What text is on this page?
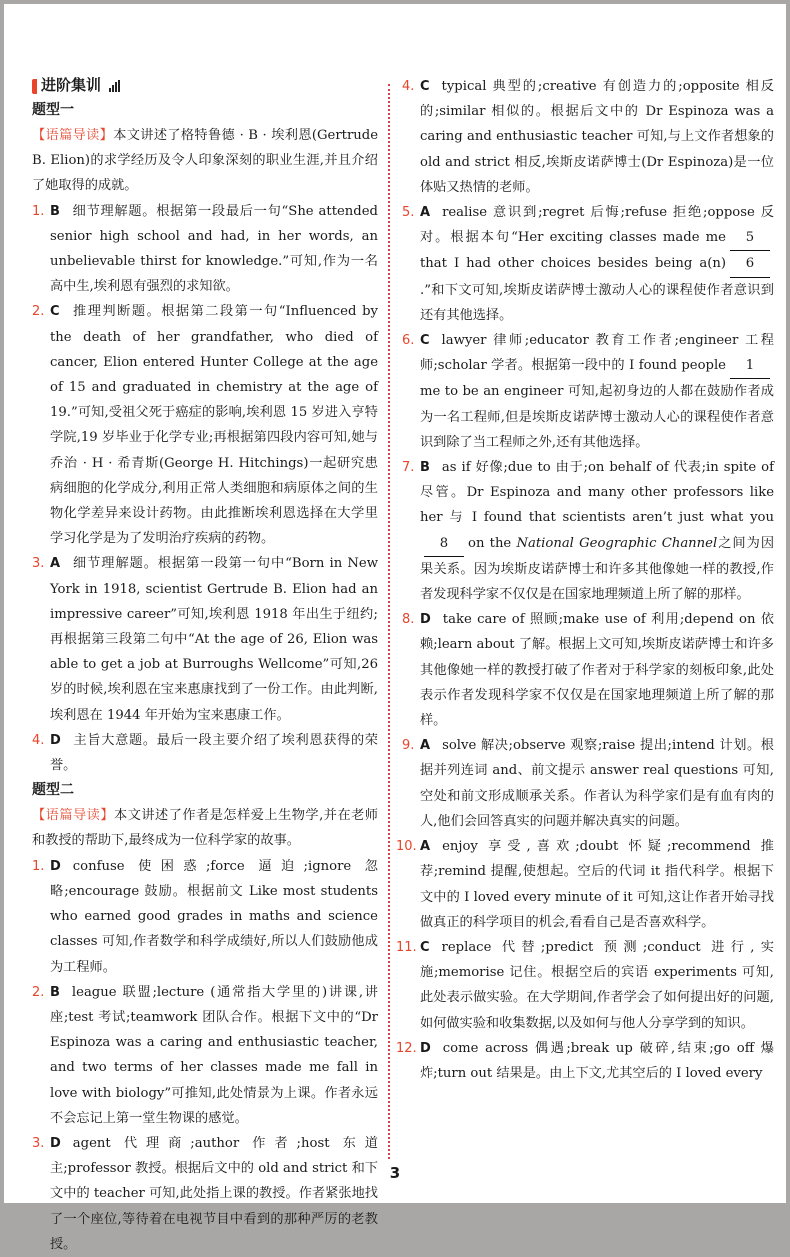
进阶集训
题型一
【语篇导读】本文讲述了格特鲁德 · B · 埃利恩(Gertrude B. Elion)的求学经历及令人印象深刻的职业生涯,并且介绍了她取得的成就。
1. B 细节理解题。根据第一段最后一句“She attended senior high school and had, in her words, an unbelievable thirst for knowledge.”可知,作为一名高中生,埃利恩有强烈的求知欲。
2. C 推理判断题。根据第二段第一句“Influenced by the death of her grandfather, who died of cancer, Elion entered Hunter College at the age of 15 and graduated in chemistry at the age of 19.”可知,受祖父死于癌症的影响,埃利恩 15 岁进入亨特学院,19 岁毕业于化学专业;再根据第四段内容可知,她与乔治 · H · 希青斯(George H. Hitchings)一起研究患病细胞的化学成分,利用正常人类细胞和病原体之间的生物化学差异来设计药物。由此推断埃利恩选择在大学里学习化学是为了发明治疗疾病的药物。
3. A 细节理解题。根据第一段第一句中“Born in New York in 1918, scientist Gertrude B. Elion had an impressive career”可知,埃利恩 1918 年出生于纽约;再根据第三段第二句中“At the age of 26, Elion was able to get a job at Burroughs Wellcome”可知,26 岁的时候,埃利恩在宝来惠康找到了一份工作。由此判断,埃利恩在 1944 年开始为宝来惠康工作。
4. D 主旨大意题。最后一段主要介绍了埃利恩获得的荣誉。
题型二
【语篇导读】本文讲述了作者是怎样爱上生物学,并在老师和教授的帮助下,最终成为一位科学家的故事。
1. D confuse 使困惑;force 逼迫;ignore 忽略;encourage 鼓励。根据前文 Like most students who earned good grades in maths and science classes 可知,作者数学和科学成绩好,所以人们鼓励他成为工程师。
2. B league 联盟;lecture (通常指大学里的)讲课,讲座;test 考试;teamwork 团队合作。根据下文中的“Dr Espinoza was a caring and enthusiastic teacher, and two terms of her classes made me fall in love with biology”可推知,此处情景为上课。作者永远不会忘记上第一堂生物课的感觉。
3. D agent 代理商;author 作者;host 东道主;professor 教授。根据后文中的 old and strict 和下文中的 teacher 可知,此处指上课的教授。作者紧张地找了一个座位,等待着在电视节目中看到的那种严厉的老教授。
4. C typical 典型的;creative 有创造力的;opposite 相反的;similar 相似的。根据后文中的 Dr Espinoza was a caring and enthusiastic teacher 可知,与上文作者想象的 old and strict 相反,埃斯皮诺萨博士(Dr Espinoza)是一位体贴又热情的老师。
5. A realise 意识到;regret 后悔;refuse 拒绝;oppose 反对。根据本句“Her exciting classes made me 5that I had other choices besides being a(n) 6.”和下文可知,埃斯皮诺萨博士激动人心的课程使作者意识到还有其他选择。
6. C lawyer 律师;educator 教育工作者;engineer 工程师;scholar 学者。根据第一段中的 I found people 1me to be an engineer 可知,起初身边的人都在鼓励作者成为一名工程师,但是埃斯皮诺萨博士激动人心的课程使作者意识到除了当工程师之外,还有其他选择。
7. B as if 好像;due to 由于;on behalf of 代表;in spite of 尽管。Dr Espinoza and many other professors like her 与 I found that scientists aren’t just what you8 on the National Geographic Channel之间为因果关系。因为埃斯皮诺萨博士和许多其他像她一样的教授,作者发现科学家不仅仅是在国家地理频道上所了解的那样。
8. D take care of 照顾;make use of 利用;depend on 依赖;learn about 了解。根据上文可知,埃斯皮诺萨博士和许多其他像她一样的教授打破了作者对于科学家的刻板印象,此处表示作者发现科学家不仅仅是在国家地理频道上所了解的那样。
9. A solve 解决;observe 观察;raise 提出;intend 计划。根据并列连词 and、前文提示 answer real questions 可知,空处和前文形成顺承关系。作者认为科学家们是有血有肉的人,他们会回答真实的问题并解决真实的问题。
10. A enjoy 享受,喜欢;doubt 怀疑;recommend 推荐;remind 提醒,使想起。空后的代词 it 指代科学。根据下文中的 I loved every minute of it 可知,这让作者开始寻找做真正的科学项目的机会,看看自己是否喜欢科学。
11. C replace 代替;predict 预测;conduct 进行,实施;memorise 记住。根据空后的宾语 experiments 可知,此处表示做实验。在大学期间,作者学会了如何提出好的问题,如何做实验和收集数据,以及如何与他人分享学到的知识。
12. D come across 偶遇;break up 破碎,结束;go off 爆炸;turn out 结果是。由上下文,尤其空后的 I loved every
3
